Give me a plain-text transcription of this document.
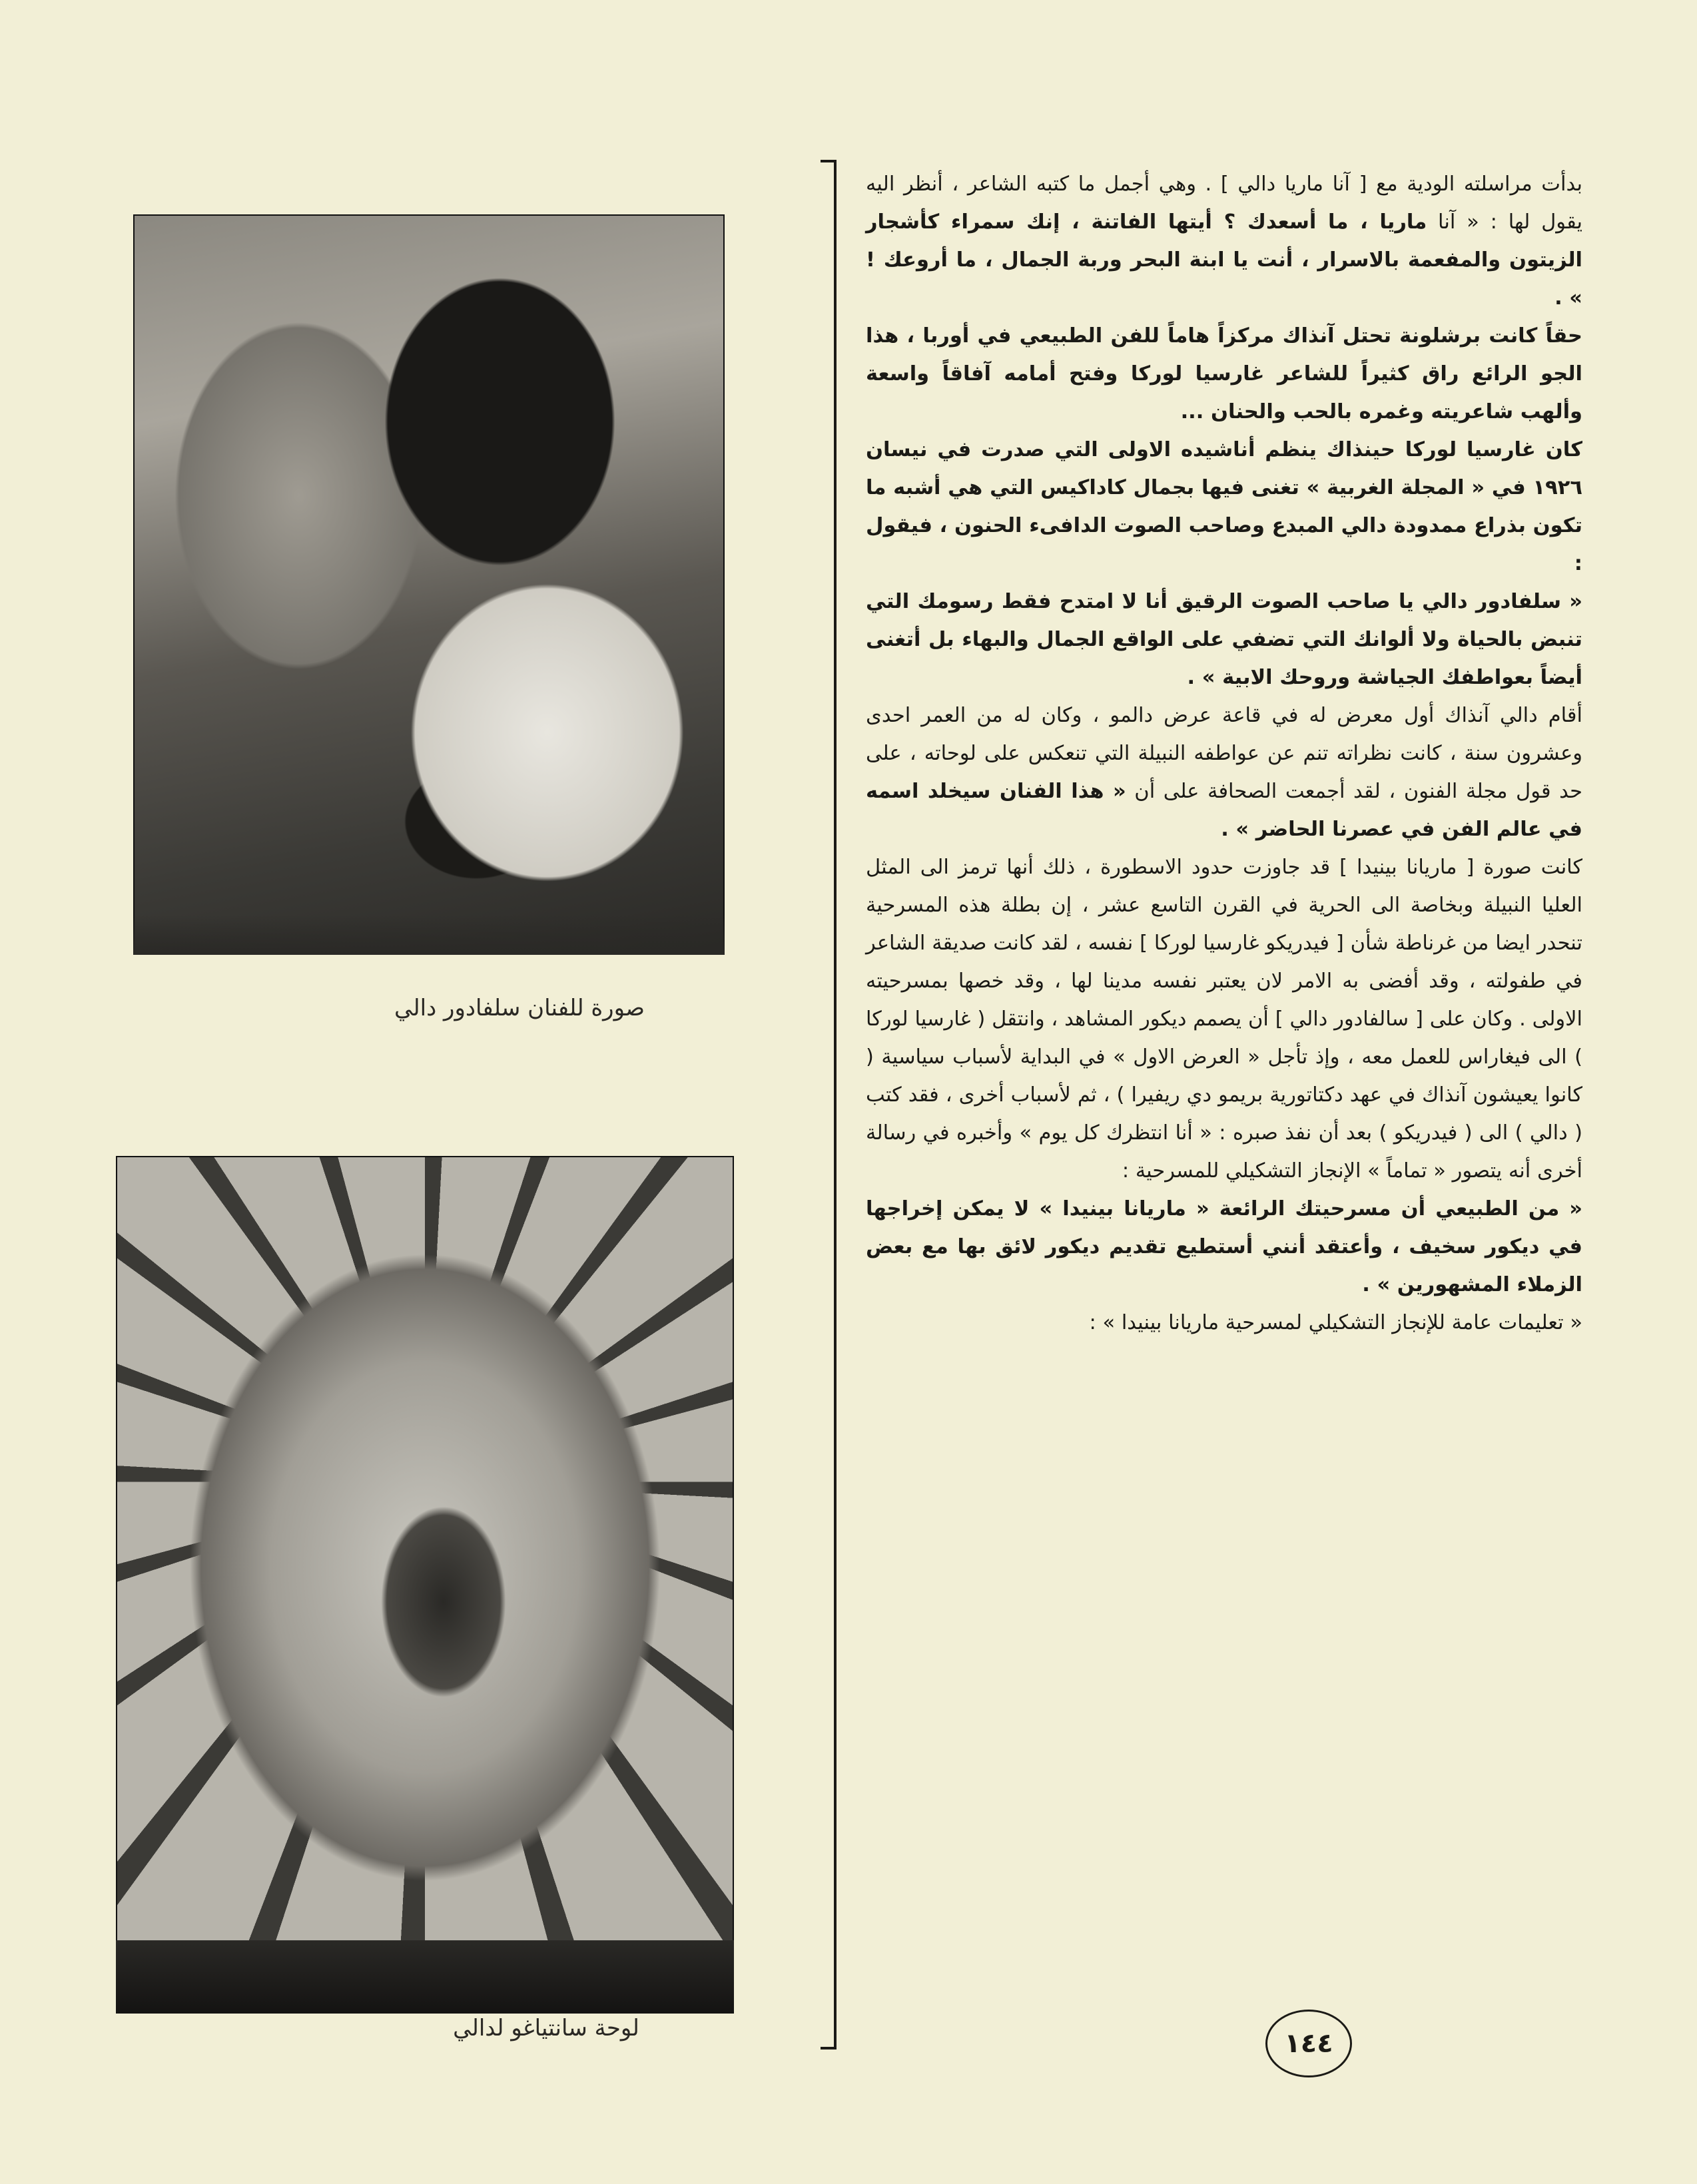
صورة للفنان سلفادور دالي
لوحة سانتياغو لدالي

بدأت مراسلته الودية مع [ آنا ماريا دالي ] . وهي أجمل ما كتبه الشاعر ، أنظر اليه يقول لها : « آنا ماريا ، ما أسعدك ؟ أيتها الفاتنة ، إنك سمراء كأشجار الزيتون والمفعمة بالاسرار ، أنت يا ابنة البحر وربة الجمال ، ما أروعك ! » .

حقاً كانت برشلونة تحتل آنذاك مركزاً هاماً للفن الطبيعي في أوربا ، هذا الجو الرائع راق كثيراً للشاعر غارسيا لوركا وفتح أمامه آفاقاً واسعة وألهب شاعريته وغمره بالحب والحنان ...

كان غارسيا لوركا حينذاك ينظم أناشيده الاولى التي صدرت في نيسان ١٩٢٦ في « المجلة الغربية » تغنى فيها بجمال كاداكيس التي هي أشبه ما تكون بذراع ممدودة دالي المبدع وصاحب الصوت الدافىء الحنون ، فيقول :

« سلفادور دالي يا صاحب الصوت الرقيق أنا لا امتدح فقط رسومك التي تنبض بالحياة ولا ألوانك التي تضفي على الواقع الجمال والبهاء بل أتغنى أيضاً بعواطفك الجياشة وروحك الابية » .

أقام دالي آنذاك أول معرض له في قاعة عرض دالمو ، وكان له من العمر احدى وعشرون سنة ، كانت نظراته تنم عن عواطفه النبيلة التي تنعكس على لوحاته ، على حد قول مجلة الفنون ، لقد أجمعت الصحافة على أن « هذا الفنان سيخلد اسمه في عالم الفن في عصرنا الحاضر » .

كانت صورة [ ماريانا بينيدا ] قد جاوزت حدود الاسطورة ، ذلك أنها ترمز الى المثل العليا النبيلة وبخاصة الى الحرية في القرن التاسع عشر ، إن بطلة هذه المسرحية تنحدر ايضا من غرناطة شأن [ فيدريكو غارسيا لوركا ] نفسه ، لقد كانت صديقة الشاعر في طفولته ، وقد أفضى به الامر لان يعتبر نفسه مدينا لها ، وقد خصها بمسرحيته الاولى . وكان على [ سالفادور دالي ] أن يصمم ديكور المشاهد ، وانتقل ( غارسيا لوركا ) الى فيغاراس للعمل معه ، وإذ تأجل « العرض الاول » في البداية لأسباب سياسية ( كانوا يعيشون آنذاك في عهد دكتاتورية بريمو دي ريفيرا ) ، ثم لأسباب أخرى ، فقد كتب ( دالي ) الى ( فيدريكو ) بعد أن نفذ صبره : « أنا انتظرك كل يوم » وأخبره في رسالة أخرى أنه يتصور « تماماً » الإنجاز التشكيلي للمسرحية :

« من الطبيعي أن مسرحيتك الرائعة « ماريانا بينيدا » لا يمكن إخراجها في ديكور سخيف ، وأعتقد أنني أستطيع تقديم ديكور لائق بها مع بعض الزملاء المشهورين » .

« تعليمات عامة للإنجاز التشكيلي لمسرحية ماريانا بينيدا » :

١٤٤
